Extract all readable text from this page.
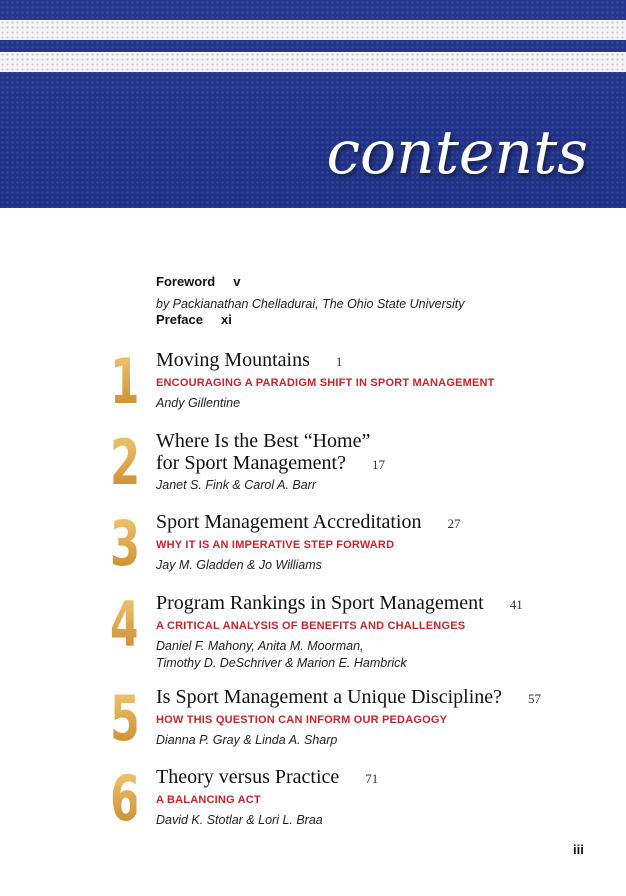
contents
Foreword v
by Packianathan Chelladurai, The Ohio State University
Preface xi
1 Moving Mountains 1
ENCOURAGING A PARADIGM SHIFT IN SPORT MANAGEMENT
Andy Gillentine
2 Where Is the Best “Home”
for Sport Management? 17
Janet S. Fink & Carol A. Barr
3 Sport Management Accreditation 27
WHY IT IS AN IMPERATIVE STEP FORWARD
Jay M. Gladden & Jo Williams
4 Program Rankings in Sport Management 41
A CRITICAL ANALYSIS OF BENEFITS AND CHALLENGES
Daniel F. Mahony, Anita M. Moorman,
Timothy D. DeSchriver & Marion E. Hambrick
5 Is Sport Management a Unique Discipline? 57
HOW THIS QUESTION CAN INFORM OUR PEDAGOGY
Dianna P. Gray & Linda A. Sharp
6 Theory versus Practice 71
A BALANCING ACT
David K. Stotlar & Lori L. Braa
iii
